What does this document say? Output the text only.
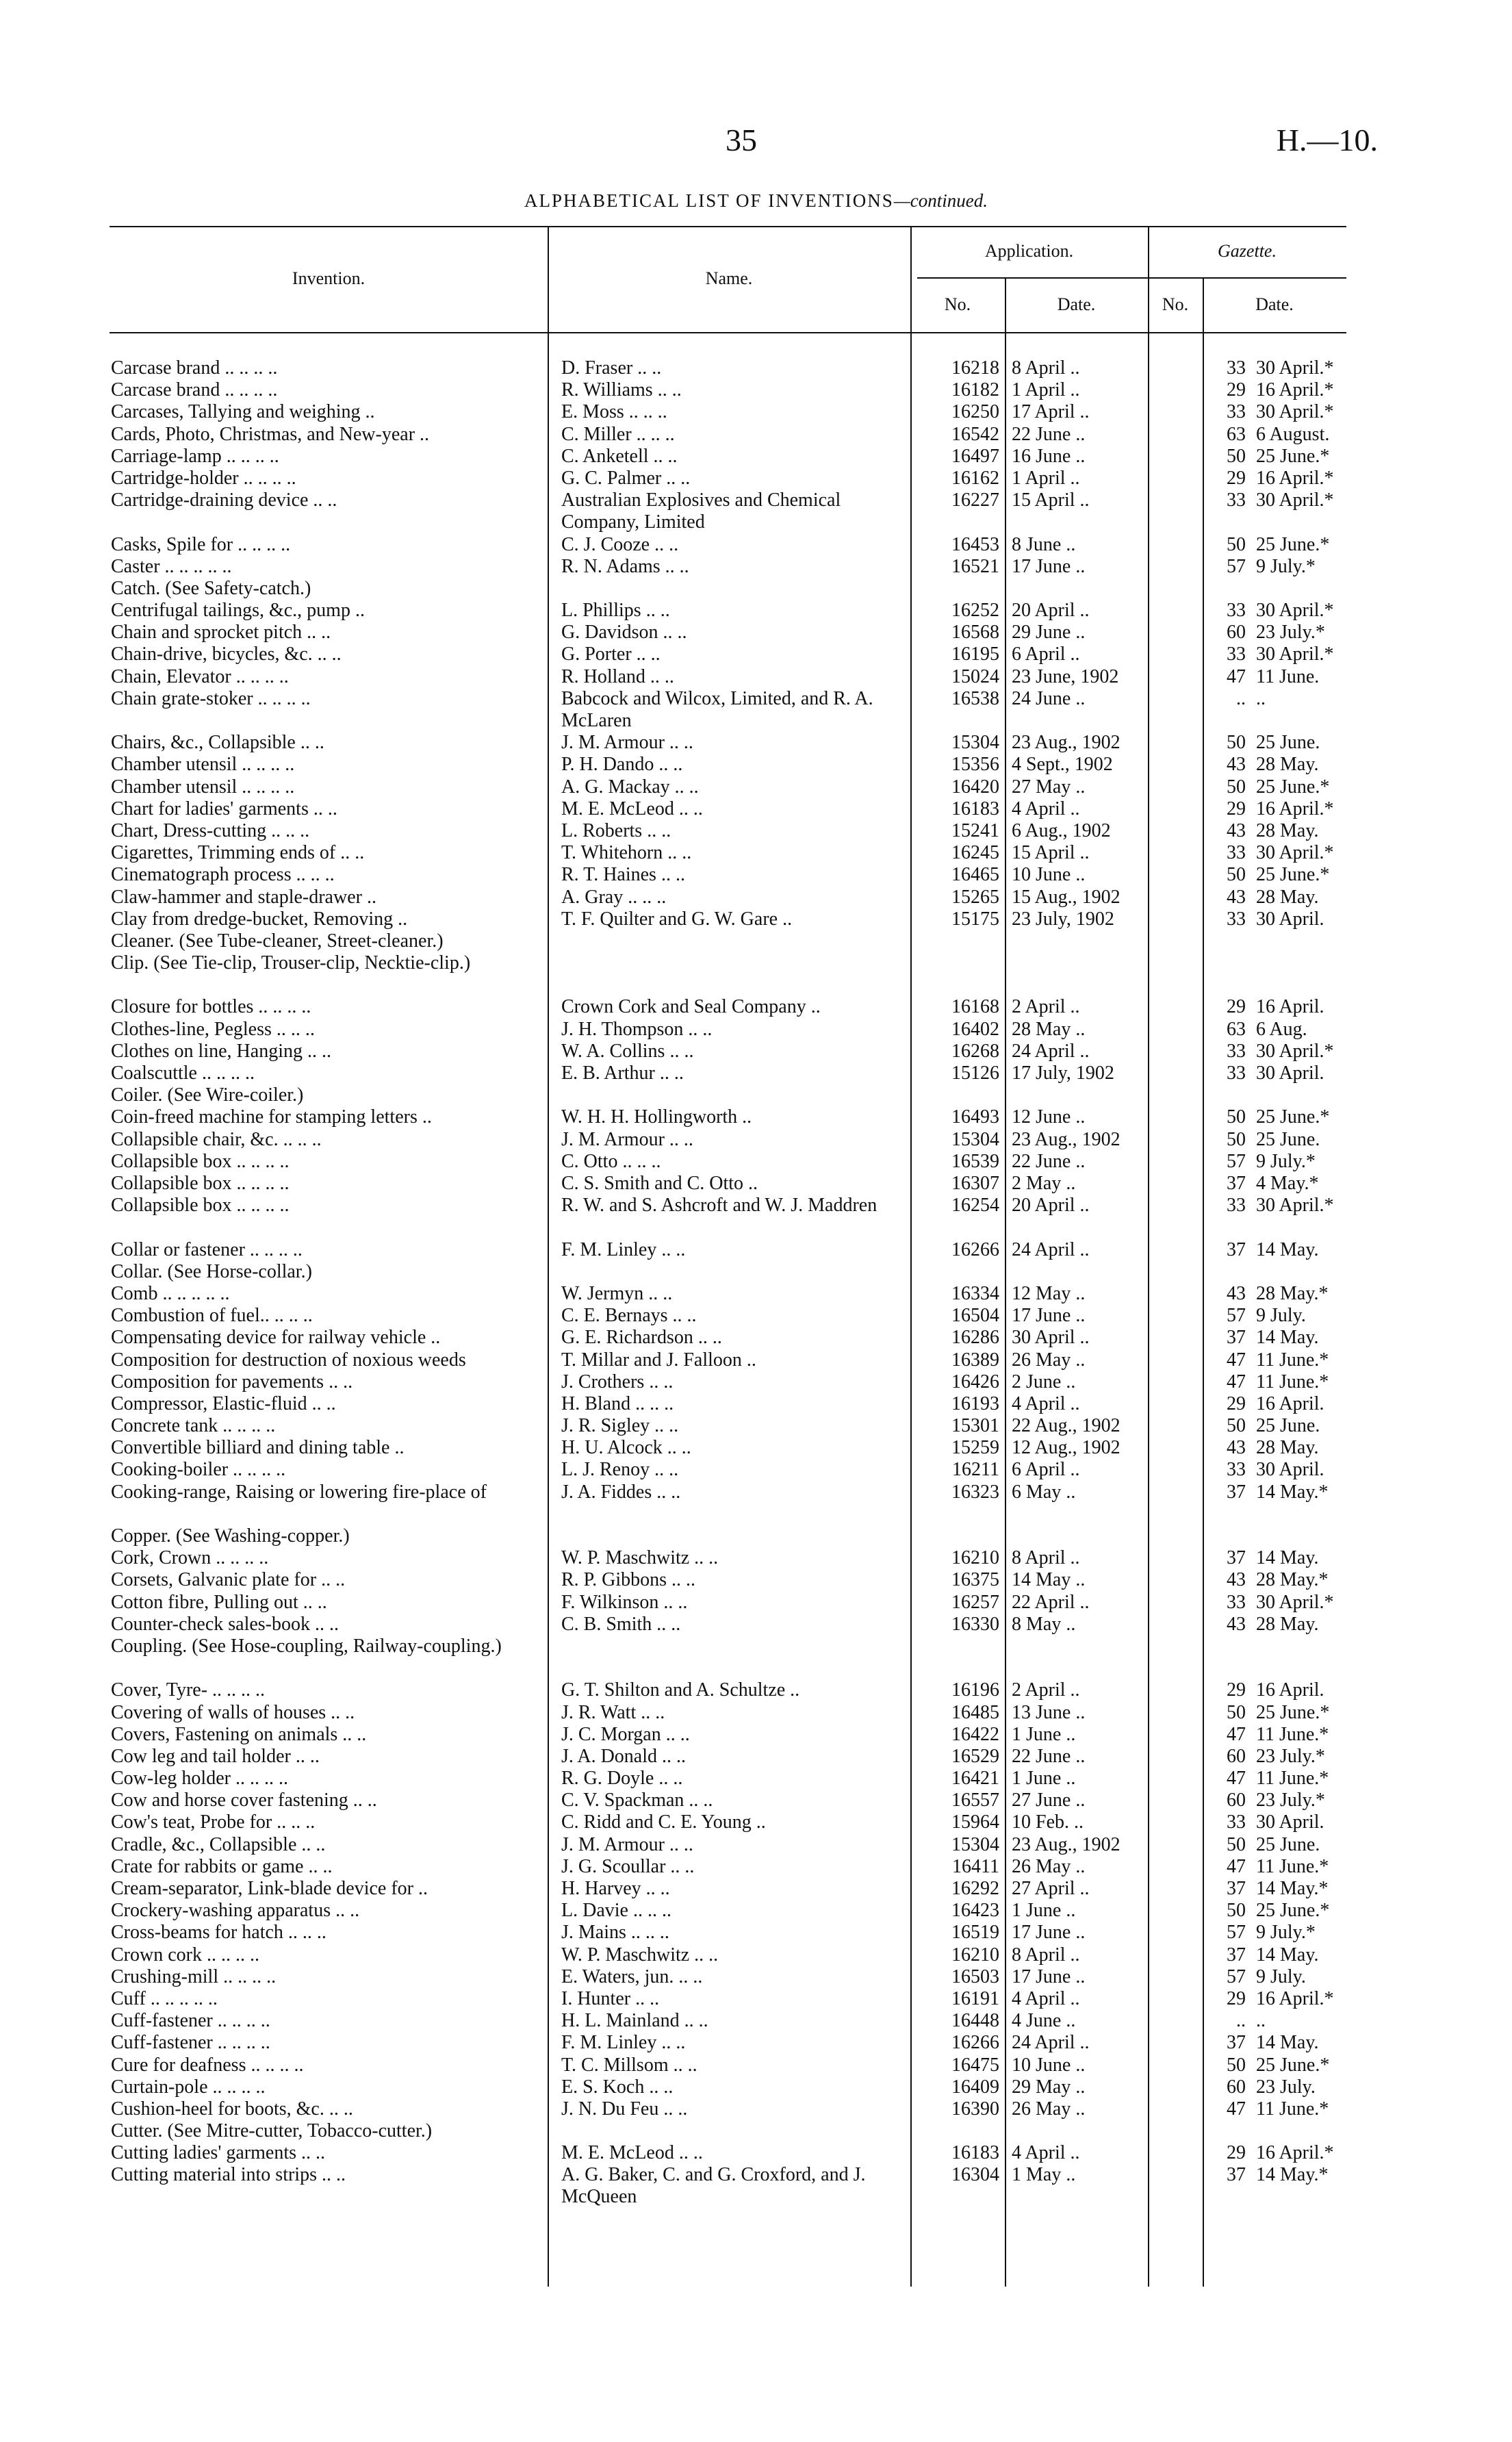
35	H.—10.
ALPHABETICAL LIST OF INVENTIONS—continued.
Invention.	Name.
Application.	Gazette.
No.	Date.	No.	Date.
Carcase brand .. .. .. ..	D. Fraser .. ..	16218 8 April ..	33 30 April.*
Carcase brand .. .. .. ..	R. Williams .. ..	16182 1 April ..	29 16 April.*
Carcases, Tallying and weighing ..	E. Moss .. .. ..	16250 17 April ..	33 30 April.*
Cards, Photo, Christmas, and New-year ..	C. Miller .. .. ..	16542 22 June ..	63 6 August.
Carriage-lamp .. .. .. ..	C. Anketell .. ..	16497 16 June ..	50 25 June.*
Cartridge-holder .. .. .. ..	G. C. Palmer .. ..	16162 1 April ..	29 16 April.*
Cartridge-draining device .. ..	Australian Explosives and Chemical Company, Limited
16227 15 April ..	33 30 April.*
Casks, Spile for .. .. .. ..	C. J. Cooze .. ..	16453 8 June ..	50 25 June.*
Caster .. .. .. .. ..	R. N. Adams .. ..	16521 17 June ..	57 9 July.*
Catch. (See Safety-catch.)
Centrifugal tailings, &c., pump ..	L. Phillips .. ..	16252 20 April ..	33 30 April.*
Chain and sprocket pitch .. ..	G. Davidson .. ..	16568 29 June ..	60 23 July.*
Chain-drive, bicycles, &c. .. ..	G. Porter .. ..	16195 6 April ..	33 30 April.*
Chain, Elevator .. .. .. ..	R. Holland .. ..	15024 23 June, 1902	47 11 June.
Chain grate-stoker .. .. .. ..	Babcock and Wilcox, Limited, and R. A. McLaren
16538 24 June ..	.. ..
Chairs, &c., Collapsible .. ..	J. M. Armour .. ..	15304 23 Aug., 1902	50 25 June.
Chamber utensil .. .. .. ..	P. H. Dando .. ..	15356 4 Sept., 1902	43 28 May.
Chamber utensil .. .. .. ..	A. G. Mackay .. ..	16420 27 May ..	50 25 June.*
Chart for ladies' garments .. ..	M. E. McLeod .. ..	16183 4 April ..	29 16 April.*
Chart, Dress-cutting .. .. ..	L. Roberts .. ..	15241 6 Aug., 1902	43 28 May.
Cigarettes, Trimming ends of .. ..	T. Whitehorn .. ..	16245 15 April ..	33 30 April.*
Cinematograph process .. .. ..	R. T. Haines .. ..	16465 10 June ..	50 25 June.*
Claw-hammer and staple-drawer ..	A. Gray .. .. ..	15265 15 Aug., 1902	43 28 May.
Clay from dredge-bucket, Removing ..	T. F. Quilter and G. W. Gare ..	15175 23 July, 1902	33 30 April.
Cleaner. (See Tube-cleaner, Street-cleaner.)
Clip. (See Tie-clip, Trouser-clip, Necktie-clip.)
Closure for bottles .. .. .. ..	Crown Cork and Seal Company ..	16168 2 April ..	29 16 April.
Clothes-line, Pegless .. .. ..	J. H. Thompson .. ..	16402 28 May ..	63 6 Aug.
Clothes on line, Hanging .. ..	W. A. Collins .. ..	16268 24 April ..	33 30 April.*
Coalscuttle .. .. .. ..	E. B. Arthur .. ..	15126 17 July, 1902	33 30 April.
Coiler. (See Wire-coiler.)
Coin-freed machine for stamping letters ..	W. H. H. Hollingworth ..	16493 12 June ..	50 25 June.*
Collapsible chair, &c. .. .. ..	J. M. Armour .. ..	15304 23 Aug., 1902	50 25 June.
Collapsible box .. .. .. ..	C. Otto .. .. ..	16539 22 June ..	57 9 July.*
Collapsible box .. .. .. ..	C. S. Smith and C. Otto ..	16307 2 May ..	37 4 May.*
Collapsible box .. .. .. ..	R. W. and S. Ashcroft and W. J. Maddren	16254 20 April ..	33 30 April.*
Collar or fastener .. .. .. ..	F. M. Linley .. ..	16266 24 April ..	37 14 May.
Collar. (See Horse-collar.)
Comb .. .. .. .. ..	W. Jermyn .. ..	16334 12 May ..	43 28 May.*
Combustion of fuel.. .. .. ..	C. E. Bernays .. ..	16504 17 June ..	57 9 July.
Compensating device for railway vehicle ..	G. E. Richardson .. ..	16286 30 April ..	37 14 May.
Composition for destruction of noxious weeds	T. Millar and J. Falloon ..	16389 26 May ..	47 11 June.*
Composition for pavements .. ..	J. Crothers .. ..	16426 2 June ..	47 11 June.*
Compressor, Elastic-fluid .. ..	H. Bland .. .. ..	16193 4 April ..	29 16 April.
Concrete tank .. .. .. ..	J. R. Sigley .. ..	15301 22 Aug., 1902	50 25 June.
Convertible billiard and dining table ..	H. U. Alcock .. ..	15259 12 Aug., 1902	43 28 May.
Cooking-boiler .. .. .. ..	L. J. Renoy .. ..	16211 6 April ..	33 30 April.
Cooking-range, Raising or lowering fire-place of	J. A. Fiddes .. ..	16323 6 May ..	37 14 May.*
Copper. (See Washing-copper.)
Cork, Crown .. .. .. ..	W. P. Maschwitz .. ..	16210 8 April ..	37 14 May.
Corsets, Galvanic plate for .. ..	R. P. Gibbons .. ..	16375 14 May ..	43 28 May.*
Cotton fibre, Pulling out .. ..	F. Wilkinson .. ..	16257 22 April ..	33 30 April.*
Counter-check sales-book .. ..	C. B. Smith .. ..	16330 8 May ..	43 28 May.
Coupling. (See Hose-coupling, Railway-coupling.)
Cover, Tyre- .. .. .. ..	G. T. Shilton and A. Schultze ..	16196 2 April ..	29 16 April.
Covering of walls of houses .. ..	J. R. Watt .. ..	16485 13 June ..	50 25 June.*
Covers, Fastening on animals .. ..	J. C. Morgan .. ..	16422 1 June ..	47 11 June.*
Cow leg and tail holder .. ..	J. A. Donald .. ..	16529 22 June ..	60 23 July.*
Cow-leg holder .. .. .. ..	R. G. Doyle .. ..	16421 1 June ..	47 11 June.*
Cow and horse cover fastening .. ..	C. V. Spackman .. ..	16557 27 June ..	60 23 July.*
Cow's teat, Probe for .. .. ..	C. Ridd and C. E. Young ..	15964 10 Feb. ..	33 30 April.
Cradle, &c., Collapsible .. ..	J. M. Armour .. ..	15304 23 Aug., 1902	50 25 June.
Crate for rabbits or game .. ..	J. G. Scoullar .. ..	16411 26 May ..	47 11 June.*
Cream-separator, Link-blade device for ..	H. Harvey .. ..	16292 27 April ..	37 14 May.*
Crockery-washing apparatus .. ..	L. Davie .. .. ..	16423 1 June ..	50 25 June.*
Cross-beams for hatch .. .. ..	J. Mains .. .. ..	16519 17 June ..	57 9 July.*
Crown cork .. .. .. ..	W. P. Maschwitz .. ..	16210 8 April ..	37 14 May.
Crushing-mill .. .. .. ..	E. Waters, jun. .. ..	16503 17 June ..	57 9 July.
Cuff .. .. .. .. ..	I. Hunter .. ..	16191 4 April ..	29 16 April.*
Cuff-fastener .. .. .. ..	H. L. Mainland .. ..	16448 4 June ..	.. ..
Cuff-fastener .. .. .. ..	F. M. Linley .. ..	16266 24 April ..	37 14 May.
Cure for deafness .. .. .. ..	T. C. Millsom .. ..	16475 10 June ..	50 25 June.*
Curtain-pole .. .. .. ..	E. S. Koch .. ..	16409 29 May ..	60 23 July.
Cushion-heel for boots, &c. .. ..	J. N. Du Feu .. ..	16390 26 May ..	47 11 June.*
Cutter. (See Mitre-cutter, Tobacco-cutter.)
Cutting ladies' garments .. ..	M. E. McLeod .. ..	16183 4 April ..	29 16 April.*
Cutting material into strips .. ..	A. G. Baker, C. and G. Croxford, and J. McQueen
16304 1 May ..	37 14 May.*
